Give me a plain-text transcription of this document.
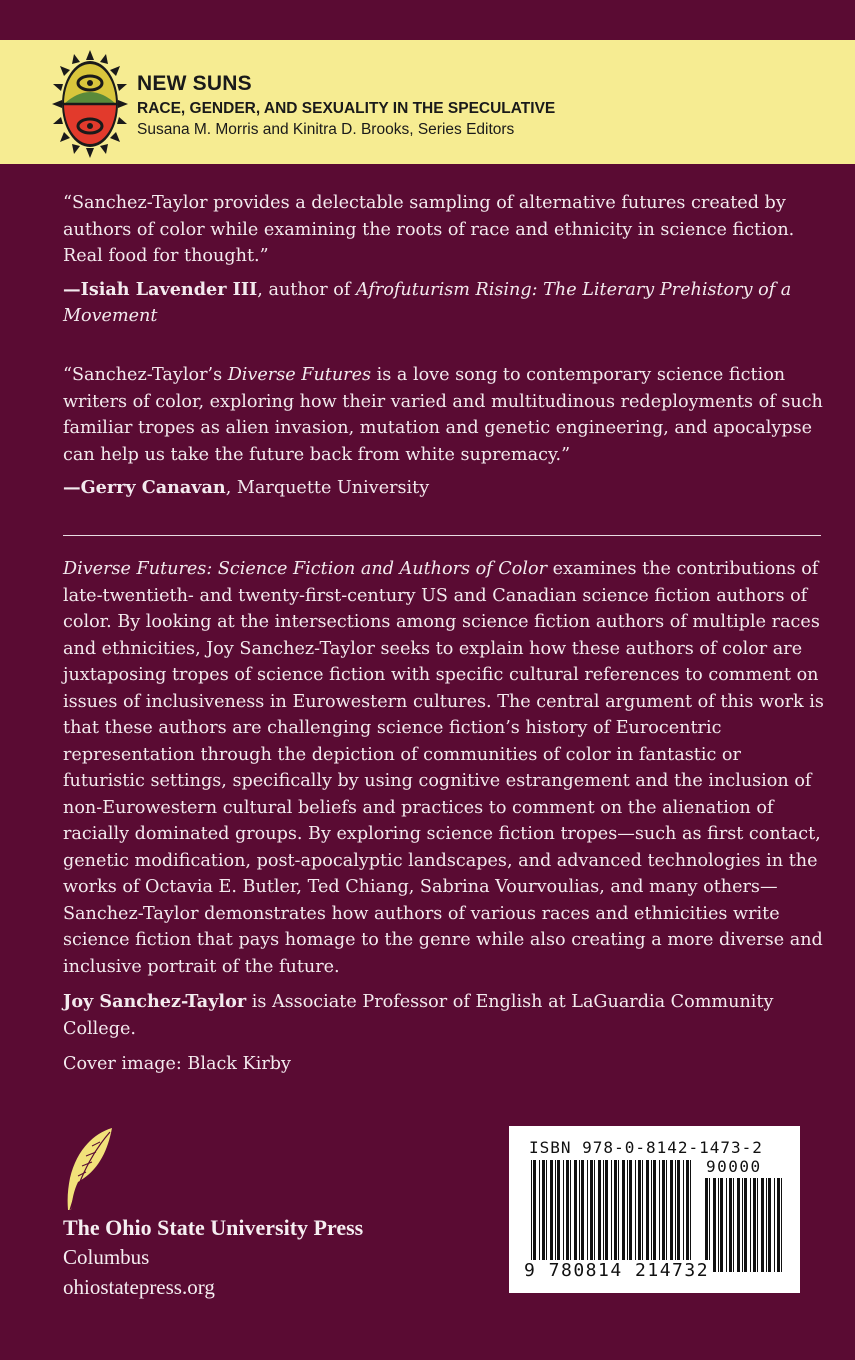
NEW SUNS
RACE, GENDER, AND SEXUALITY IN THE SPECULATIVE
Susana M. Morris and Kinitra D. Brooks, Series Editors

“Sanchez-Taylor provides a delectable sampling of alternative futures created by authors of color while examining the roots of race and ethnicity in science fiction. Real food for thought.”

—Isiah Lavender III, author of Afrofuturism Rising: The Literary Prehistory of a Movement

“Sanchez-Taylor’s Diverse Futures is a love song to contemporary science fiction writers of color, exploring how their varied and multitudinous redeployments of such familiar tropes as alien invasion, mutation and genetic engineering, and apocalypse can help us take the future back from white supremacy.”

—Gerry Canavan, Marquette University

Diverse Futures: Science Fiction and Authors of Color examines the contributions of late-twentieth- and twenty-first-century US and Canadian science fiction authors of color. By looking at the intersections among science fiction authors of multiple races and ethnicities, Joy Sanchez-Taylor seeks to explain how these authors of color are juxtaposing tropes of science fiction with specific cultural references to comment on issues of inclusiveness in Eurowestern cultures. The central argument of this work is that these authors are challenging science fiction’s history of Eurocentric representation through the depiction of communities of color in fantastic or futuristic settings, specifically by using cognitive estrangement and the inclusion of non-Eurowestern cultural beliefs and practices to comment on the alienation of racially dominated groups. By exploring science fiction tropes—such as first contact, genetic modification, post-apocalyptic landscapes, and advanced technologies in the works of Octavia E. Butler, Ted Chiang, Sabrina Vourvoulias, and many others—Sanchez-Taylor demonstrates how authors of various races and ethnicities write science fiction that pays homage to the genre while also creating a more diverse and inclusive portrait of the future.

Joy Sanchez-Taylor is Associate Professor of English at LaGuardia Community College.

Cover image: Black Kirby

The Ohio State University Press
Columbus
ohiostatepress.org
ISBN 978-0-8142-1473-2
90000
9 780814 214732
